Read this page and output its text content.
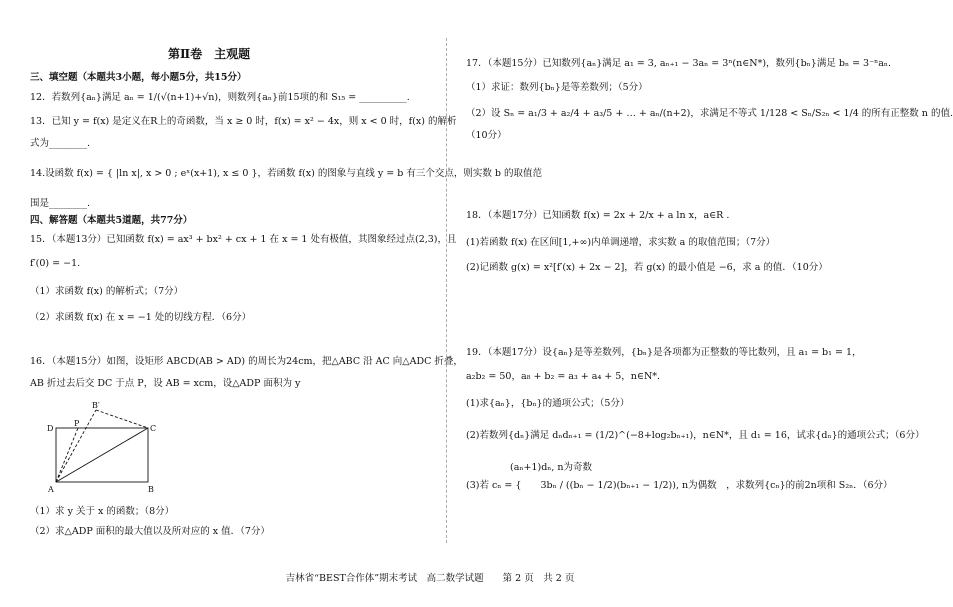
第Ⅱ卷　主观题
三、填空题（本题共3小题，每小题5分，共15分）
12．若数列{aₙ}满足 aₙ = 1/(√(n+1)+√n)，则数列{aₙ}前15项的和 S₁₅ = __________.
13．已知 y = f(x) 是定义在R上的奇函数，当 x ≥ 0 时，f(x) = x² − 4x，则 x < 0 时，f(x) 的解析
式为________.
14.设函数 f(x) = { |ln x|, x > 0 ; eˣ(x+1), x ≤ 0 }，若函数 f(x) 的图象与直线 y = b 有三个交点，则实数 b 的取值范
围是________.
四、解答题（本题共5道题，共77分）
15．（本题13分）已知函数 f(x) = ax³ + bx² + cx + 1 在 x = 1 处有极值，其图象经过点(2,3)，且
f′(0) = −1.
（1）求函数 f(x) 的解析式；（7分）
（2）求函数 f(x) 在 x = −1 处的切线方程．（6分）
16．（本题15分）如图，设矩形 ABCD(AB > AD) 的周长为24cm，把△ABC 沿 AC 向△ADC 折叠，
AB 折过去后交 DC 于点 P，设 AB = xcm，设△ADP 面积为 y
B′
D
P
C
A	B
（1）求 y 关于 x 的函数；（8分）
（2）求△ADP 面积的最大值以及所对应的 x 值．（7分）
17．（本题15分）已知数列{aₙ}满足 a₁ = 3, aₙ₊₁ − 3aₙ = 3ⁿ(n∈N*)，数列{bₙ}满足 bₙ = 3⁻ⁿaₙ.
（1）求证：数列{bₙ}是等差数列；（5分）
（2）设 Sₙ = a₁/3 + a₂/4 + a₃/5 + … + aₙ/(n+2)，求满足不等式 1/128 < Sₙ/S₂ₙ < 1/4 的所有正整数 n 的值.
（10分）
18．（本题17分）已知函数 f(x) = 2x + 2/x + a ln x，a∈R .
(1)若函数 f(x) 在区间[1,+∞)内单调递增，求实数 a 的取值范围；（7分）
(2)记函数 g(x) = x²[f′(x) + 2x − 2]，若 g(x) 的最小值是 −6，求 a 的值．（10分）
19．（本题17分）设{aₙ}是等差数列，{bₙ}是各项都为正整数的等比数列，且 a₁ = b₁ = 1，
a₂b₂ = 50，a₈ + b₂ = a₃ + a₄ + 5，n∈N*.
(1)求{aₙ}，{bₙ}的通项公式；（5分）
(2)若数列{dₙ}满足 dₙdₙ₊₁ = (1/2)^(−8+log₂bₙ₊₁)，n∈N*，且 d₁ = 16，试求{dₙ}的通项公式；（6分）
(aₙ+1)dₙ, n为奇数
(3)若 cₙ = {　　3bₙ / ((bₙ − 1/2)(bₙ₊₁ − 1/2)), n为偶数　，求数列{cₙ}的前2n项和 S₂ₙ．（6分）
吉林省“BEST合作体”期末考试　高二数学试题　　第 2 页　共 2 页
